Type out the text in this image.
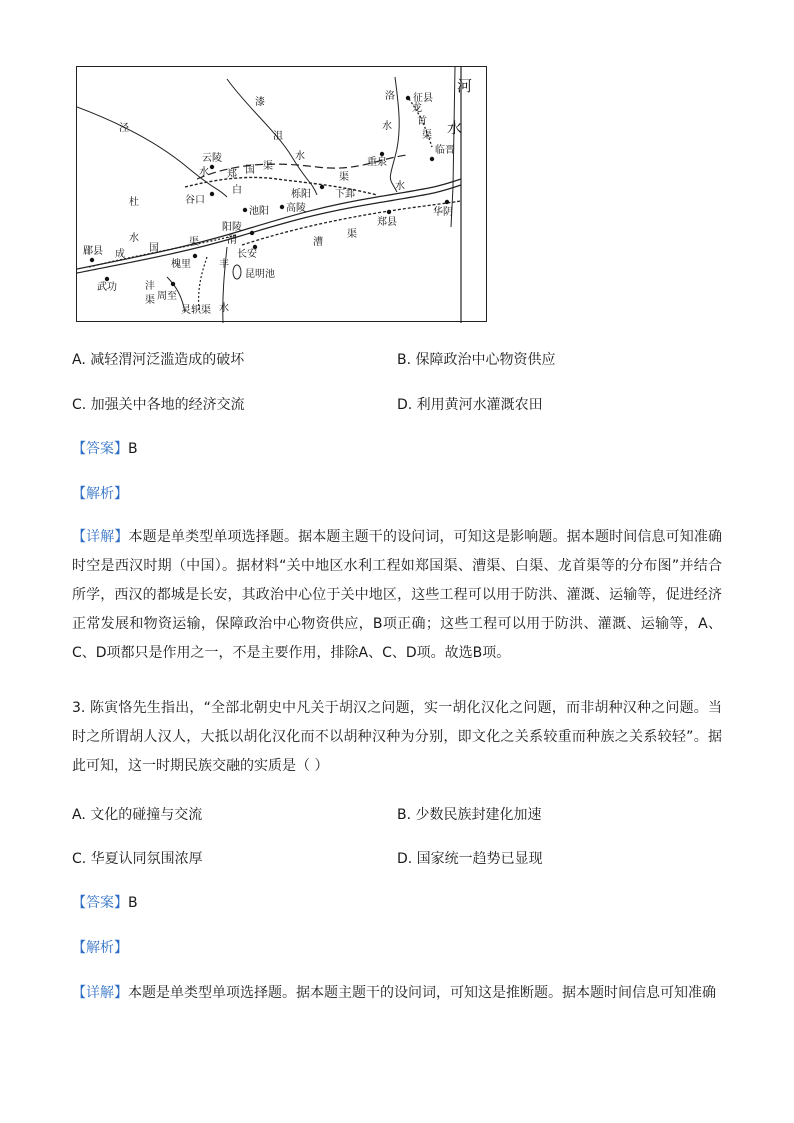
河
水
洛
龙
首
渠
水
征县
临晋
重泉
泾
漆
沮
水
云陵
水 郑 国 渠
白
渠
谷口
池阳 高陵
栎阳 下邽
水
郑县
华阴
杜
水
成
国
渠
郿县
槐里
阳陵
长安
渭	漕
渠
丰
昆明池
武功
周至
沣
渠
灵轵渠 水
A. 减轻渭河泛滥造成的破坏	B. 保障政治中心物资供应
C. 加强关中各地的经济交流	D. 利用黄河水灌溉农田
【答案】B
【解析】
【详解】本题是单类型单项选择题。据本题主题干的设问词，可知这是影响题。据本题时间信息可知准确时空是西汉时期（中国）。据材料“关中地区水利工程如郑国渠、漕渠、白渠、龙首渠等的分布图”并结合所学，西汉的都城是长安，其政治中心位于关中地区，这些工程可以用于防洪、灌溉、运输等，促进经济正常发展和物资运输，保障政治中心物资供应，B项正确；这些工程可以用于防洪、灌溉、运输等，A、C、D项都只是作用之一，不是主要作用，排除A、C、D项。故选B项。
3. 陈寅恪先生指出，“全部北朝史中凡关于胡汉之问题，实一胡化汉化之问题，而非胡种汉种之问题。当时之所谓胡人汉人，大抵以胡化汉化而不以胡种汉种为分别，即文化之关系较重而种族之关系较轻”。据此可知，这一时期民族交融的实质是（ ）
A. 文化的碰撞与交流	B. 少数民族封建化加速
C. 华夏认同氛围浓厚	D. 国家统一趋势已显现
【答案】B
【解析】
【详解】本题是单类型单项选择题。据本题主题干的设问词，可知这是推断题。据本题时间信息可知准确
